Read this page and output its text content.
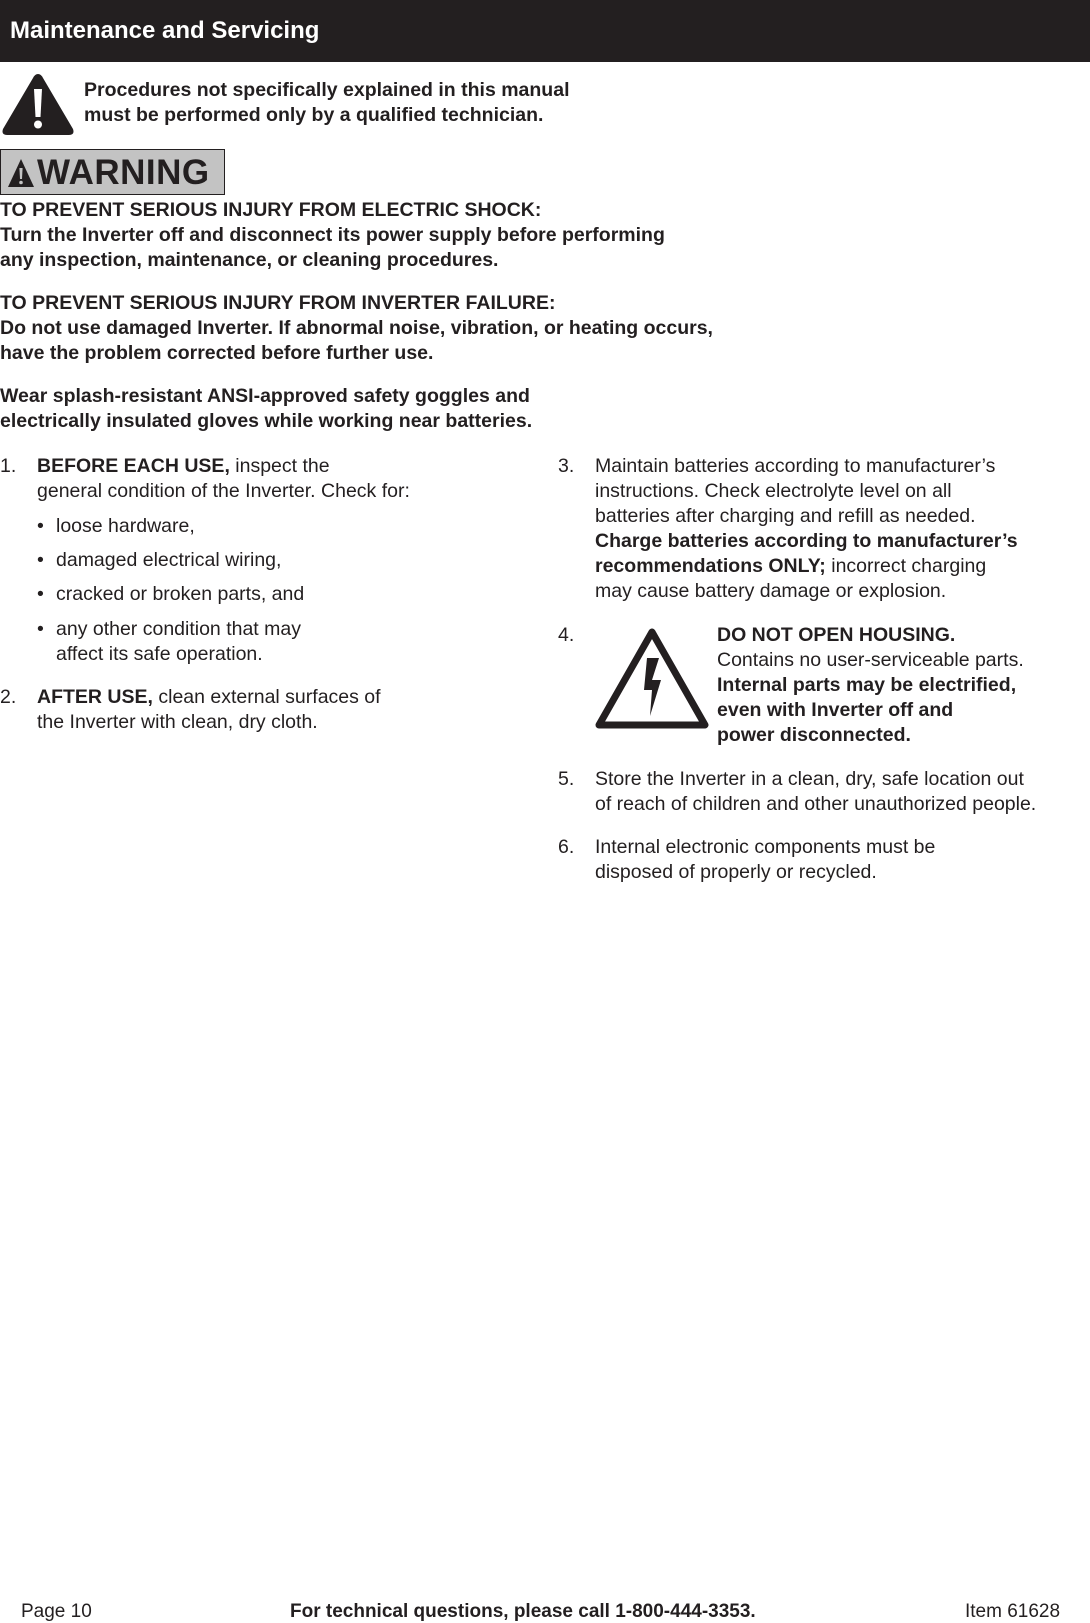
Maintenance and Servicing
Procedures not specifically explained in this manual
must be performed only by a qualified technician.
WARNING
TO PREVENT SERIOUS INJURY FROM ELECTRIC SHOCK:
Turn the Inverter off and disconnect its power supply before performing
any inspection, maintenance, or cleaning procedures.
TO PREVENT SERIOUS INJURY FROM INVERTER FAILURE:
Do not use damaged Inverter. If abnormal noise, vibration, or heating occurs,
have the problem corrected before further use.
Wear splash-resistant ANSI-approved safety goggles and
electrically insulated gloves while working near batteries.
1. BEFORE EACH USE, inspect the
general condition of the Inverter. Check for:
• loose hardware,
• damaged electrical wiring,
• cracked or broken parts, and
• any other condition that may
affect its safe operation.
2. AFTER USE, clean external surfaces of
the Inverter with clean, dry cloth.
3. Maintain batteries according to manufacturer’s
instructions. Check electrolyte level on all
batteries after charging and refill as needed.
Charge batteries according to manufacturer’s
recommendations ONLY; incorrect charging
may cause battery damage or explosion.
4.	DO NOT OPEN HOUSING.
Contains no user-serviceable parts.
Internal parts may be electrified,
even with Inverter off and
power disconnected.
5. Store the Inverter in a clean, dry, safe location out
of reach of children and other unauthorized people.
6. Internal electronic components must be
disposed of properly or recycled.
Page 10	For technical questions, please call 1-800-444-3353.	Item 61628
